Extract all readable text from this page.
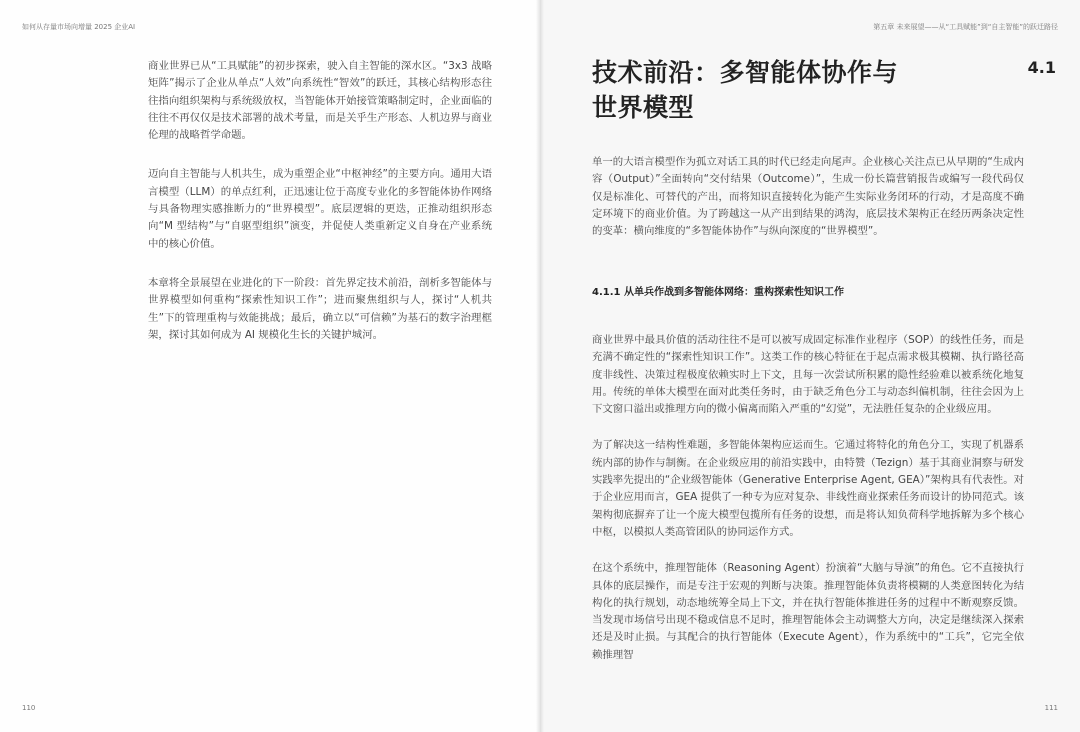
如何从存量市场向增量 2025 企业AI

商业世界已从“工具赋能”的初步探索，驶入自主智能的深水区。“3x3 战略矩阵”揭示了企业从单点“人效”向系统性“智效”的跃迁，其核心结构形态往往指向组织架构与系统级放权，当智能体开始接管策略制定时，企业面临的往往不再仅仅是技术部署的战术考量，而是关乎生产形态、人机边界与商业伦理的战略哲学命题。

迈向自主智能与人机共生，成为重塑企业“中枢神经”的主要方向。通用大语言模型（LLM）的单点红利，正迅速让位于高度专业化的多智能体协作网络与具备物理实感推断力的“世界模型”。底层逻辑的更迭，正推动组织形态向“M 型结构”与“自驱型组织”演变，并促使人类重新定义自身在产业系统中的核心价值。

本章将全景展望在业进化的下一阶段：首先界定技术前沿，剖析多智能体与世界模型如何重构“探索性知识工作”；进而聚焦组织与人，探讨“人机共生”下的管理重构与效能挑战；最后，确立以“可信赖”为基石的数字治理框架，探讨其如何成为 AI 规模化生长的关键护城河。

110
第五章 未来展望——从“工具赋能”到“自主智能”的跃迁路径
技术前沿：多智能体协作与世界模型
4.1

单一的大语言模型作为孤立对话工具的时代已经走向尾声。企业核心关注点已从早期的“生成内容（Output）”全面转向“交付结果（Outcome）”，生成一份长篇营销报告或编写一段代码仅仅是标准化、可替代的产出，而将知识直接转化为能产生实际业务闭环的行动，才是高度不确定环境下的商业价值。为了跨越这一从产出到结果的鸿沟，底层技术架构正在经历两条决定性的变革：横向维度的“多智能体协作”与纵向深度的“世界模型”。

4.1.1 从单兵作战到多智能体网络：重构探索性知识工作

商业世界中最具价值的活动往往不是可以被写成固定标准作业程序（SOP）的线性任务，而是充满不确定性的“探索性知识工作”。这类工作的核心特征在于起点需求极其模糊、执行路径高度非线性、决策过程极度依赖实时上下文，且每一次尝试所积累的隐性经验难以被系统化地复用。传统的单体大模型在面对此类任务时，由于缺乏角色分工与动态纠偏机制，往往会因为上下文窗口溢出或推理方向的微小偏离而陷入严重的“幻觉”，无法胜任复杂的企业级应用。

为了解决这一结构性难题，多智能体架构应运而生。它通过将特化的角色分工，实现了机器系统内部的协作与制衡。在企业级应用的前沿实践中，由特赞（Tezign）基于其商业洞察与研发实践率先提出的“企业级智能体（Generative Enterprise Agent, GEA）”架构具有代表性。对于企业应用而言，GEA 提供了一种专为应对复杂、非线性商业探索任务而设计的协同范式。该架构彻底摒弃了让一个庞大模型包揽所有任务的设想，而是将认知负荷科学地拆解为多个核心中枢，以模拟人类高管团队的协同运作方式。

在这个系统中，推理智能体（Reasoning Agent）扮演着“大脑与导演”的角色。它不直接执行具体的底层操作，而是专注于宏观的判断与决策。推理智能体负责将模糊的人类意图转化为结构化的执行规划，动态地统筹全局上下文，并在执行智能体推进任务的过程中不断观察反馈。当发现市场信号出现不稳或信息不足时，推理智能体会主动调整大方向，决定是继续深入探索还是及时止损。与其配合的执行智能体（Execute Agent），作为系统中的“工兵”，它完全依赖推理智

111
